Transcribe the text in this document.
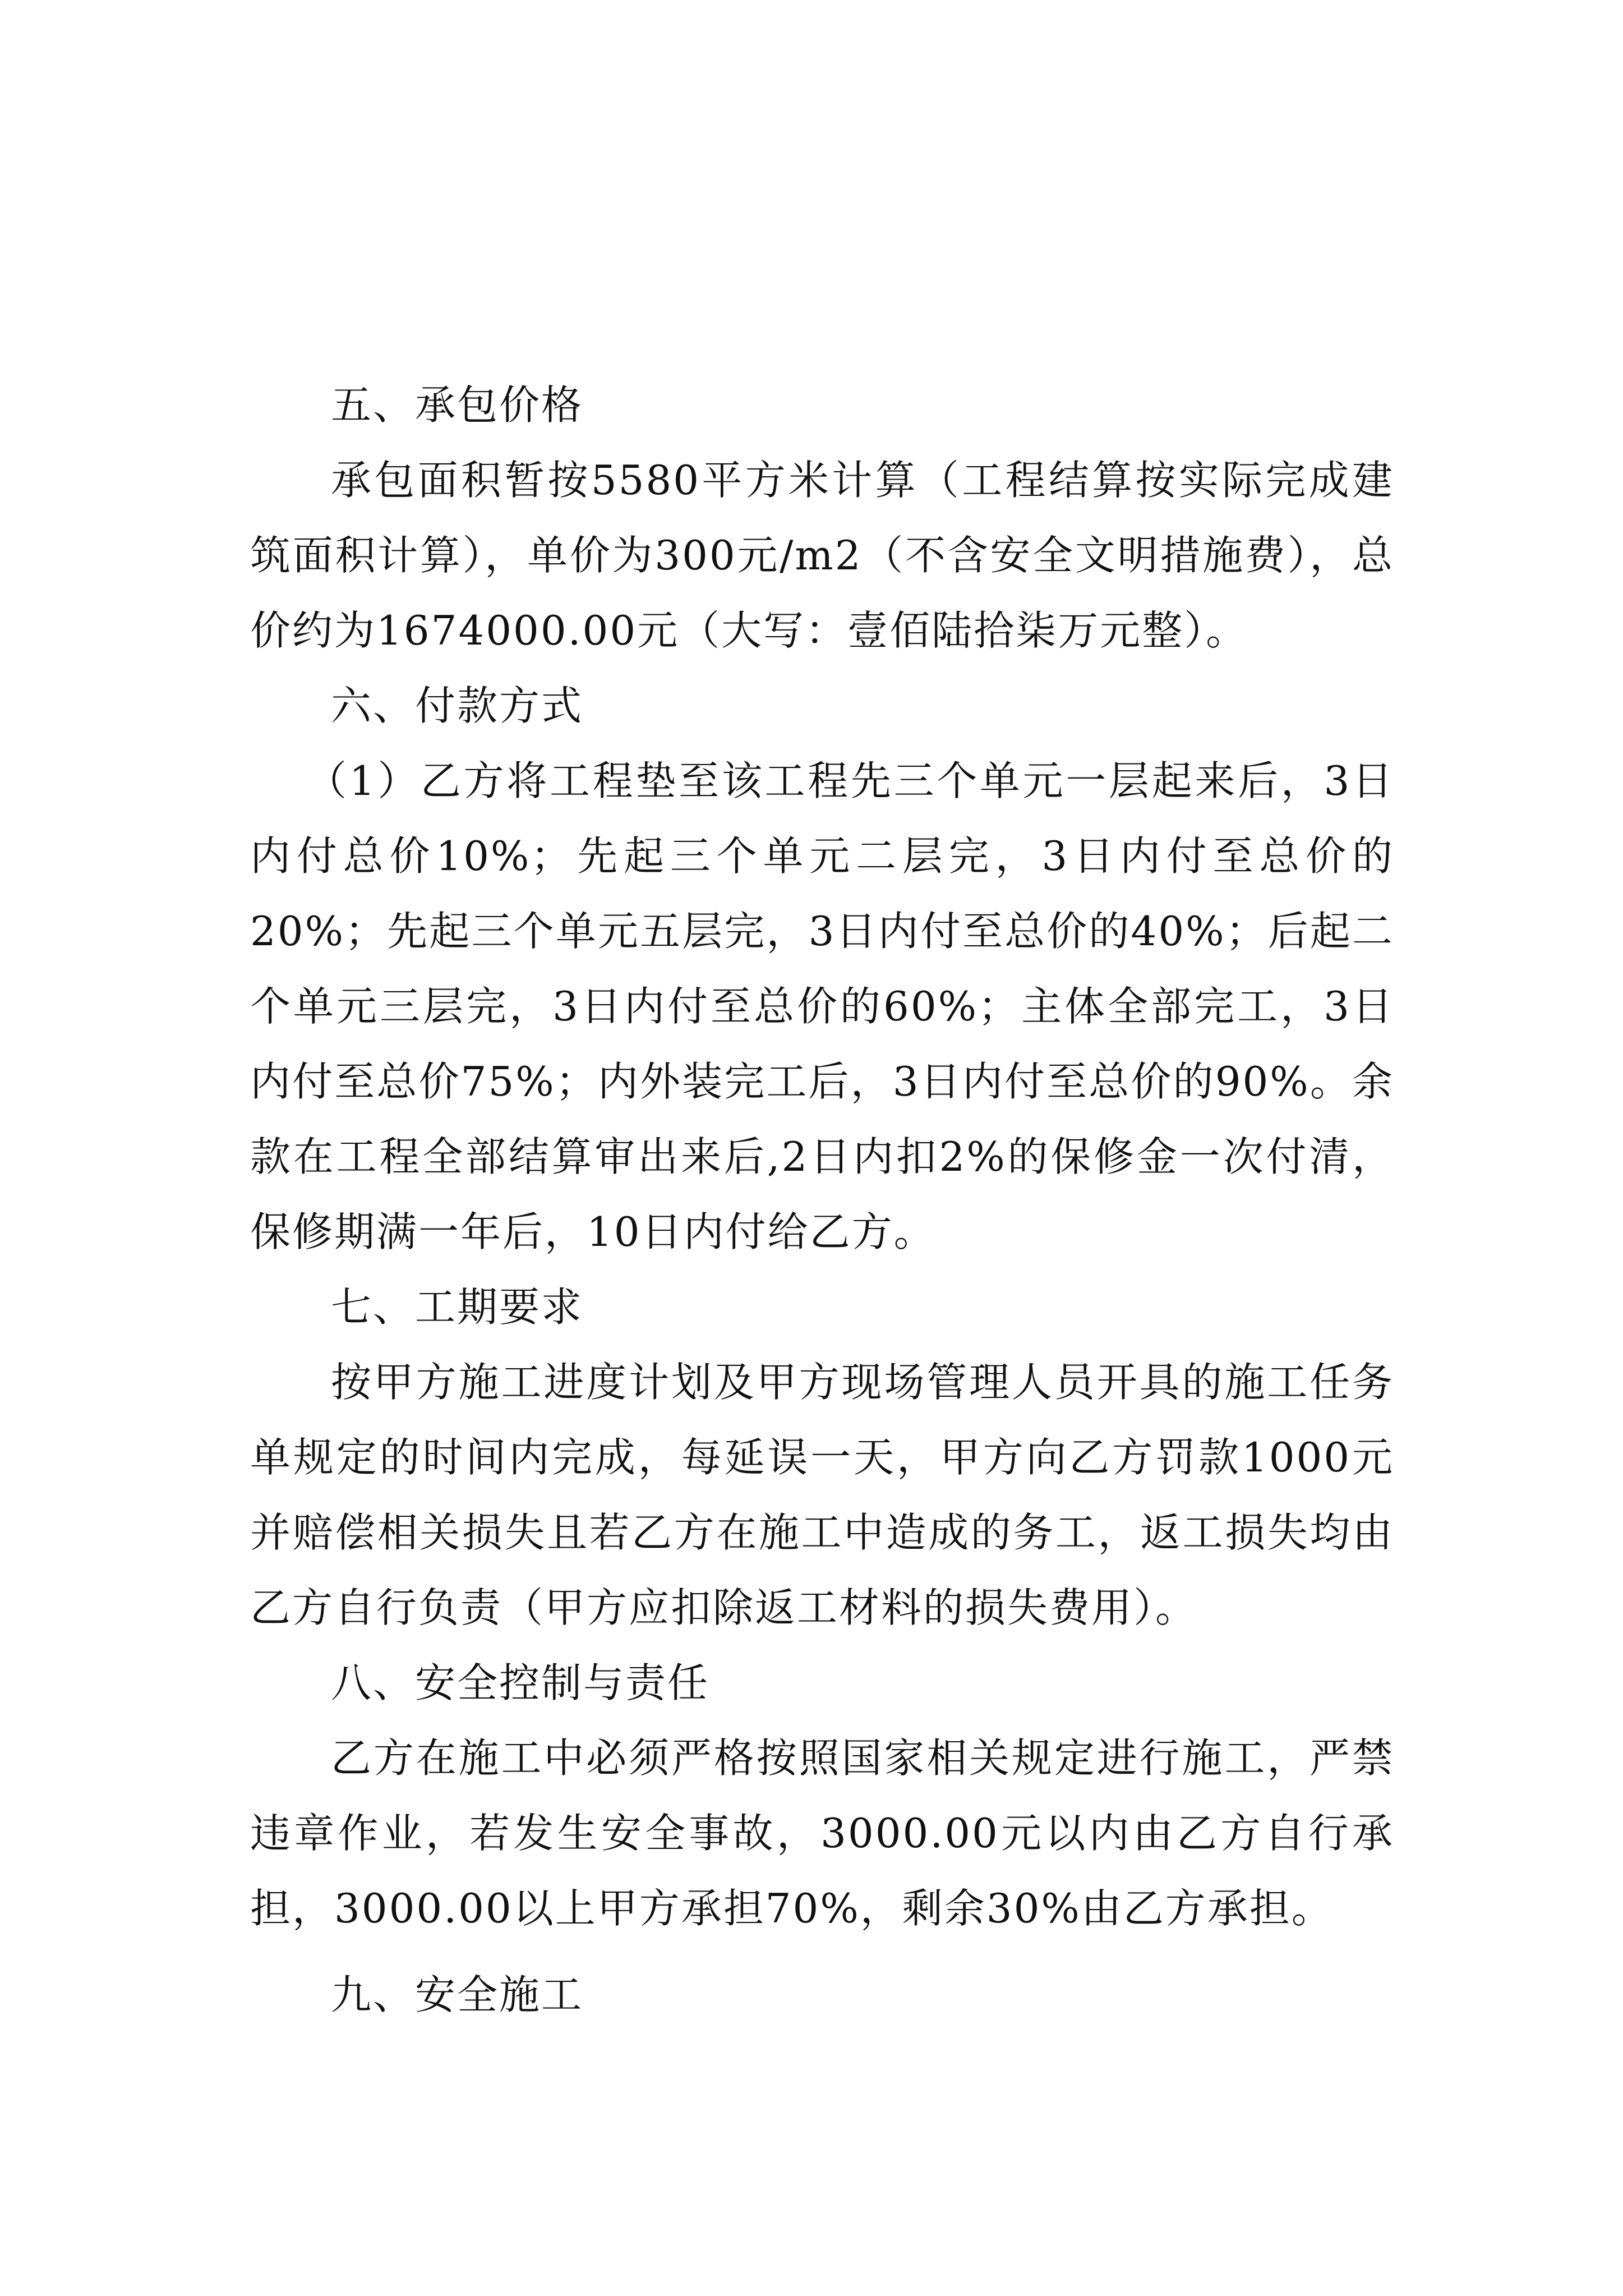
五、承包价格

承包面积暂按5580平方米计算（工程结算按实际完成建筑面积计算），单价为300元/m2（不含安全文明措施费），总价约为1674000.00元（大写：壹佰陆拾柒万元整）。

六、付款方式

（1）乙方将工程垫至该工程先三个单元一层起来后，3日内付总价10%；先起三个单元二层完，3日内付至总价的20%；先起三个单元五层完，3日内付至总价的40%；后起二个单元三层完，3日内付至总价的60%；主体全部完工，3日内付至总价75%；内外装完工后，3日内付至总价的90%。余款在工程全部结算审出来后,2日内扣2%的保修金一次付清，保修期满一年后，10日内付给乙方。

七、工期要求

按甲方施工进度计划及甲方现场管理人员开具的施工任务单规定的时间内完成，每延误一天，甲方向乙方罚款1000元并赔偿相关损失且若乙方在施工中造成的务工，返工损失均由乙方自行负责（甲方应扣除返工材料的损失费用）。

八、安全控制与责任

乙方在施工中必须严格按照国家相关规定进行施工，严禁违章作业，若发生安全事故，3000.00元以内由乙方自行承担，3000.00以上甲方承担70%，剩余30%由乙方承担。

九、安全施工
